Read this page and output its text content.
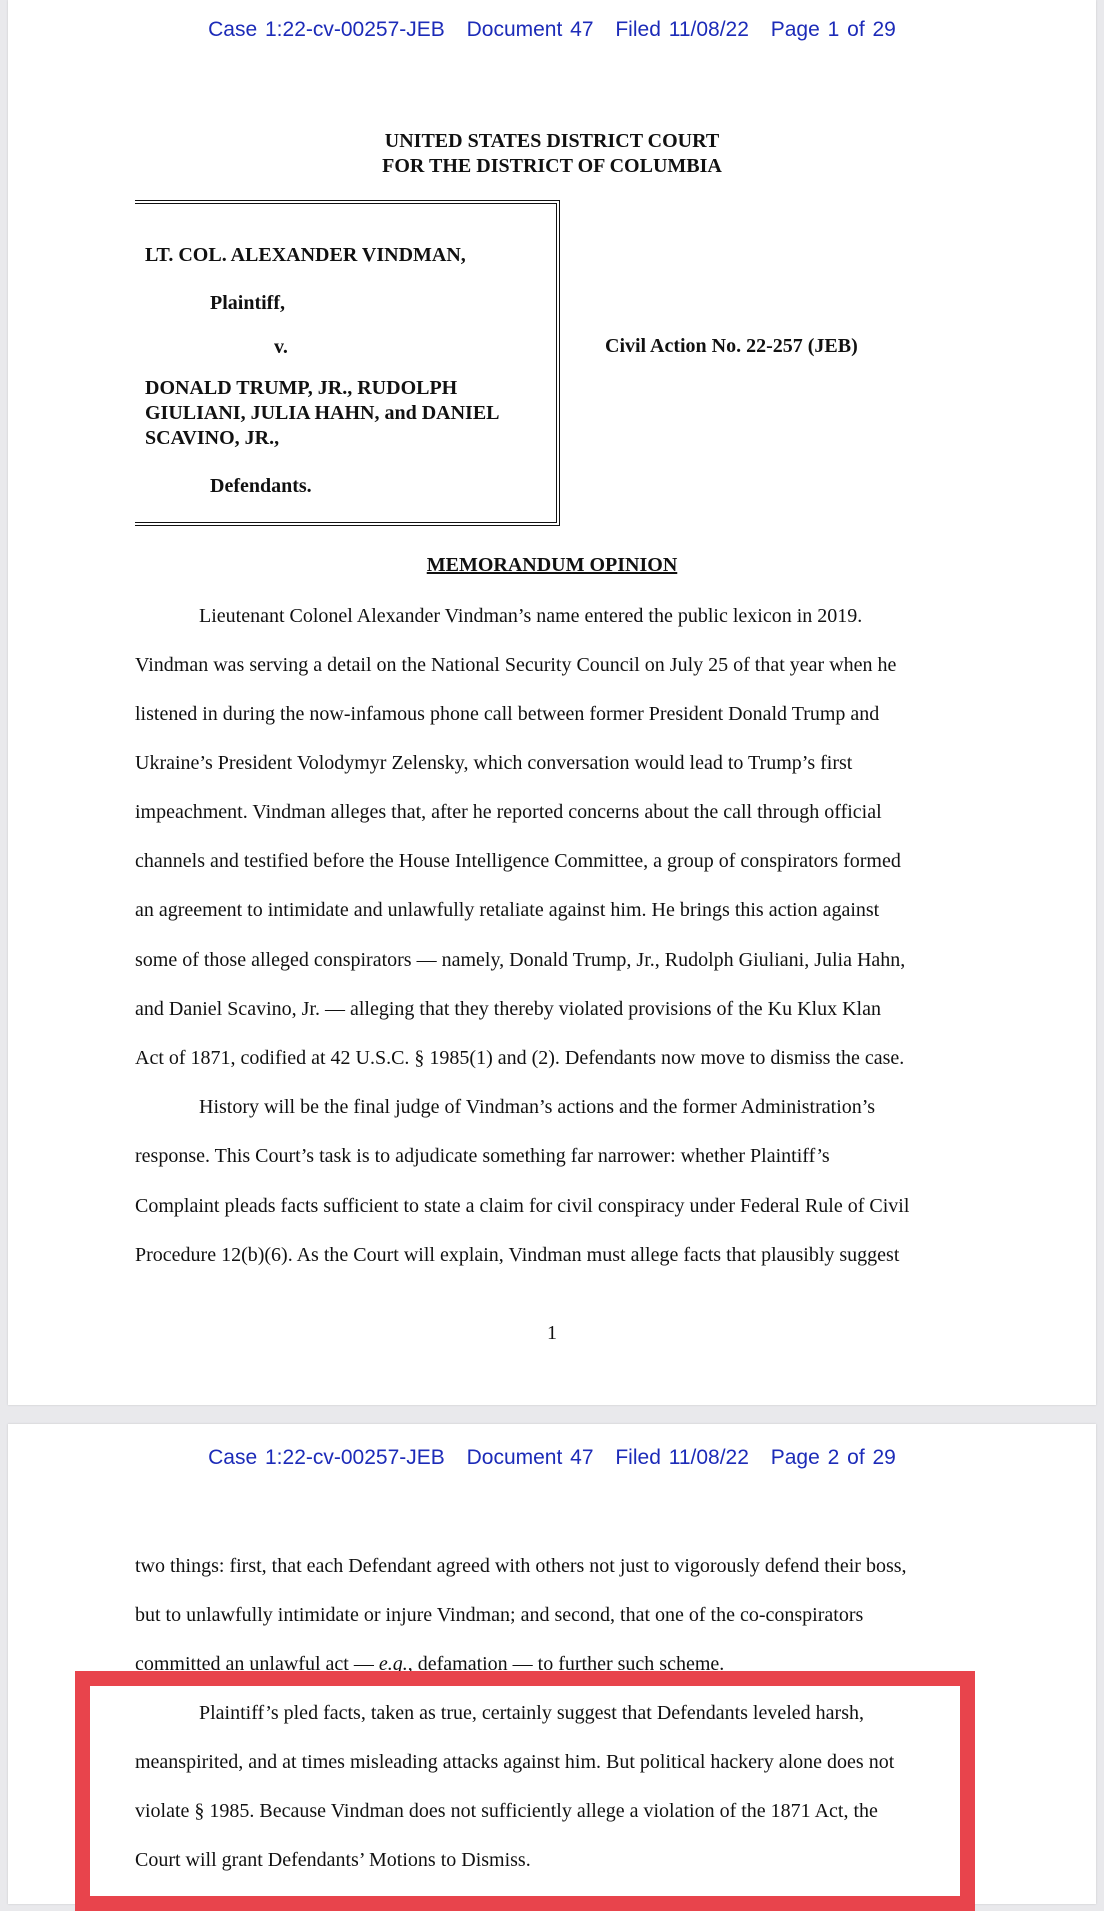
Case 1:22-cv-00257-JEB Document 47 Filed 11/08/22 Page 1 of 29
UNITED STATES DISTRICT COURT
FOR THE DISTRICT OF COLUMBIA
LT. COL. ALEXANDER VINDMAN,
Plaintiff,
v.
DONALD TRUMP, JR., RUDOLPH
GIULIANI, JULIA HAHN, and DANIEL
SCAVINO, JR.,
Defendants.
Civil Action No. 22-257 (JEB)
MEMORANDUM OPINION
Lieutenant Colonel Alexander Vindman’s name entered the public lexicon in 2019.
Vindman was serving a detail on the National Security Council on July 25 of that year when he
listened in during the now-infamous phone call between former President Donald Trump and
Ukraine’s President Volodymyr Zelensky, which conversation would lead to Trump’s first
impeachment. Vindman alleges that, after he reported concerns about the call through official
channels and testified before the House Intelligence Committee, a group of conspirators formed
an agreement to intimidate and unlawfully retaliate against him. He brings this action against
some of those alleged conspirators — namely, Donald Trump, Jr., Rudolph Giuliani, Julia Hahn,
and Daniel Scavino, Jr. — alleging that they thereby violated provisions of the Ku Klux Klan
Act of 1871, codified at 42 U.S.C. § 1985(1) and (2). Defendants now move to dismiss the case.
History will be the final judge of Vindman’s actions and the former Administration’s
response. This Court’s task is to adjudicate something far narrower: whether Plaintiff’s
Complaint pleads facts sufficient to state a claim for civil conspiracy under Federal Rule of Civil
Procedure 12(b)(6). As the Court will explain, Vindman must allege facts that plausibly suggest
1
Case 1:22-cv-00257-JEB Document 47 Filed 11/08/22 Page 2 of 29
two things: first, that each Defendant agreed with others not just to vigorously defend their boss,
but to unlawfully intimidate or injure Vindman; and second, that one of the co-conspirators
committed an unlawful act — e.g., defamation — to further such scheme.
Plaintiff’s pled facts, taken as true, certainly suggest that Defendants leveled harsh,
meanspirited, and at times misleading attacks against him. But political hackery alone does not
violate § 1985. Because Vindman does not sufficiently allege a violation of the 1871 Act, the
Court will grant Defendants’ Motions to Dismiss.
